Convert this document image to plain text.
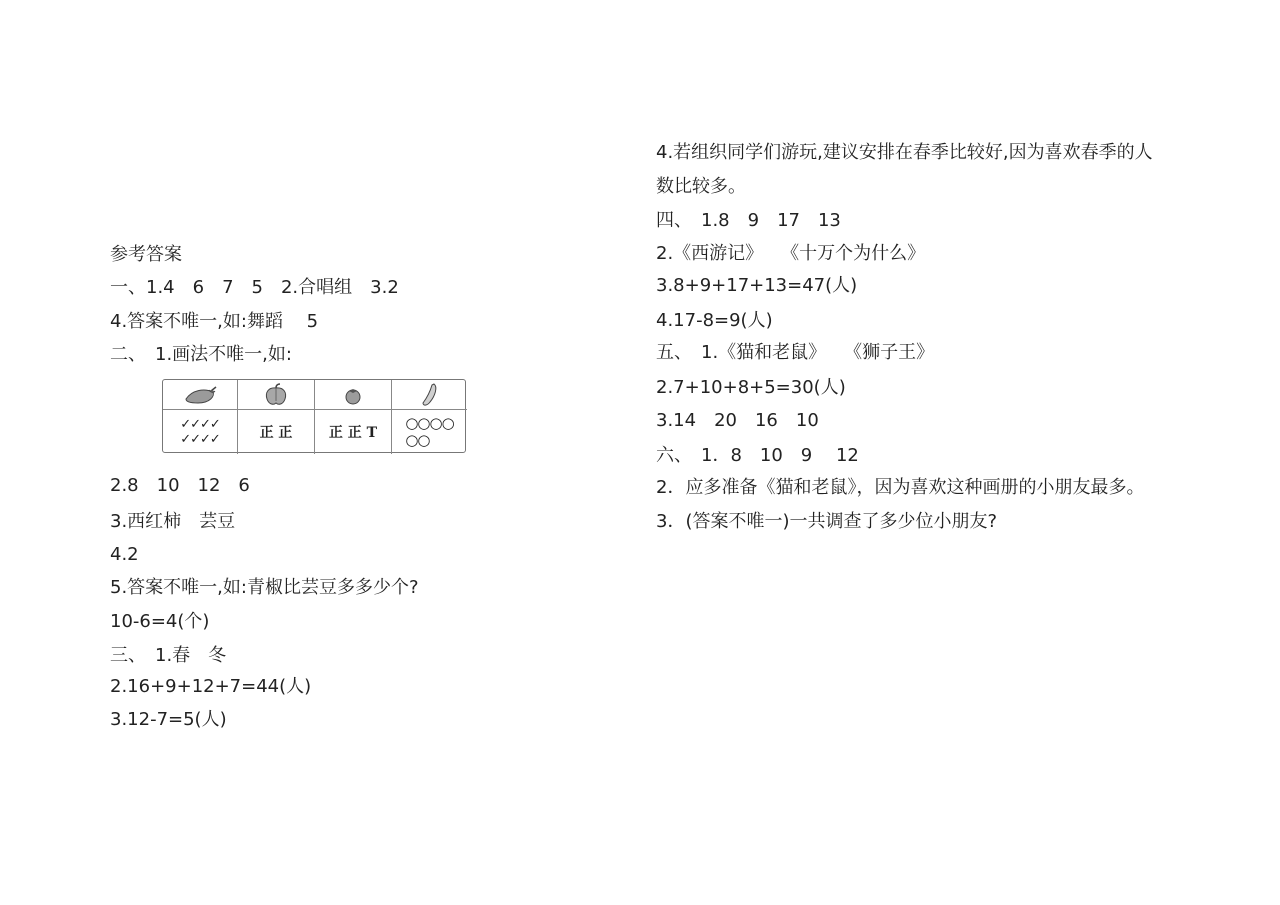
参考答案
一、1.4　6　7　5　2.合唱组　3.2
4.答案不唯一,如:舞蹈　 5
二、　1.画法不唯一,如:
✓✓✓✓
✓✓✓✓	正 正	正 正 T
○○○○
○○
2.8　10　12　6
3.西红柿　芸豆
4.2
5.答案不唯一,如:青椒比芸豆多多少个?
10-6=4(个)
三、　1.春　冬
2.16+9+12+7=44(人)
3.12-7=5(人)
4.若组织同学们游玩,建议安排在春季比较好,因为喜欢春季的人
数比较多。
四、　1.8　9　17　13
2.《西游记》　　《十万个为什么》
3.8+9+17+13=47(人)
4.17-8=9(人)
五、　1.《猫和老鼠》　　《狮子王》
2.7+10+8+5=30(人)
3.14　20　16　10
六、　1．8　10　9　 12
2．应多准备《猫和老鼠》，因为喜欢这种画册的小朋友最多。
3．(答案不唯一)一共调查了多少位小朋友?
